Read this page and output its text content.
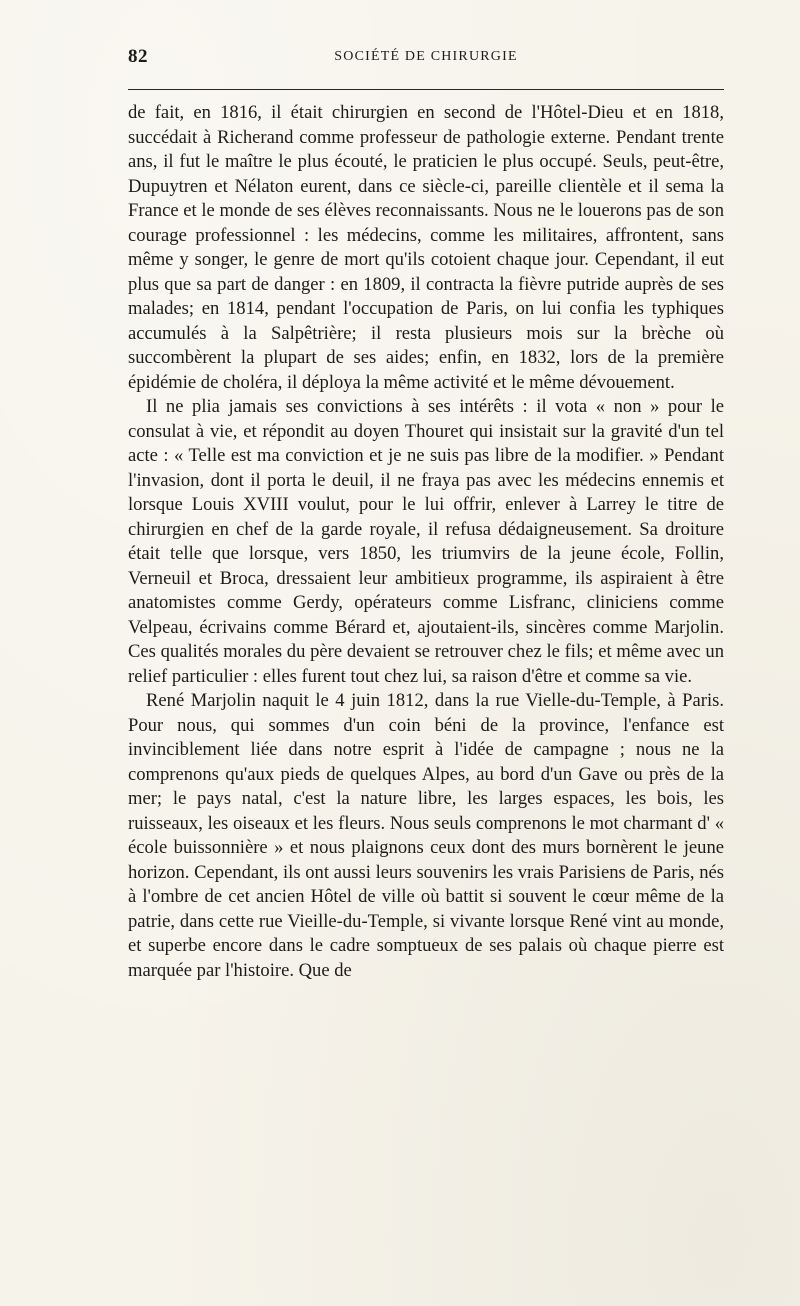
82	SOCIÉTÉ DE CHIRURGIE

de fait, en 1816, il était chirurgien en second de l'Hôtel-Dieu et en 1818, succédait à Richerand comme professeur de pathologie externe. Pendant trente ans, il fut le maître le plus écouté, le praticien le plus occupé. Seuls, peut-être, Dupuytren et Nélaton eurent, dans ce siècle-ci, pareille clientèle et il sema la France et le monde de ses élèves reconnaissants. Nous ne le louerons pas de son courage professionnel : les médecins, comme les militaires, affrontent, sans même y songer, le genre de mort qu'ils cotoient chaque jour. Cependant, il eut plus que sa part de danger : en 1809, il contracta la fièvre putride auprès de ses malades; en 1814, pendant l'occupation de Paris, on lui confia les typhiques accumulés à la Salpêtrière; il resta plusieurs mois sur la brèche où succombèrent la plupart de ses aides; enfin, en 1832, lors de la première épidémie de choléra, il déploya la même activité et le même dévouement.

Il ne plia jamais ses convictions à ses intérêts : il vota « non » pour le consulat à vie, et répondit au doyen Thouret qui insistait sur la gravité d'un tel acte : « Telle est ma conviction et je ne suis pas libre de la modifier. » Pendant l'invasion, dont il porta le deuil, il ne fraya pas avec les médecins ennemis et lorsque Louis XVIII voulut, pour le lui offrir, enlever à Larrey le titre de chirurgien en chef de la garde royale, il refusa dédaigneusement. Sa droiture était telle que lorsque, vers 1850, les triumvirs de la jeune école, Follin, Verneuil et Broca, dressaient leur ambitieux programme, ils aspiraient à être anatomistes comme Gerdy, opérateurs comme Lisfranc, cliniciens comme Velpeau, écrivains comme Bérard et, ajoutaient-ils, sincères comme Marjolin. Ces qualités morales du père devaient se retrouver chez le fils; et même avec un relief particulier : elles furent tout chez lui, sa raison d'être et comme sa vie.

René Marjolin naquit le 4 juin 1812, dans la rue Vielle-du-Temple, à Paris. Pour nous, qui sommes d'un coin béni de la province, l'enfance est invinciblement liée dans notre esprit à l'idée de campagne ; nous ne la comprenons qu'aux pieds de quelques Alpes, au bord d'un Gave ou près de la mer; le pays natal, c'est la nature libre, les larges espaces, les bois, les ruisseaux, les oiseaux et les fleurs. Nous seuls comprenons le mot charmant d' « école buissonnière » et nous plaignons ceux dont des murs bornèrent le jeune horizon. Cependant, ils ont aussi leurs souvenirs les vrais Parisiens de Paris, nés à l'ombre de cet ancien Hôtel de ville où battit si souvent le cœur même de la patrie, dans cette rue Vieille-du-Temple, si vivante lorsque René vint au monde, et superbe encore dans le cadre somptueux de ses palais où chaque pierre est marquée par l'histoire. Que de
